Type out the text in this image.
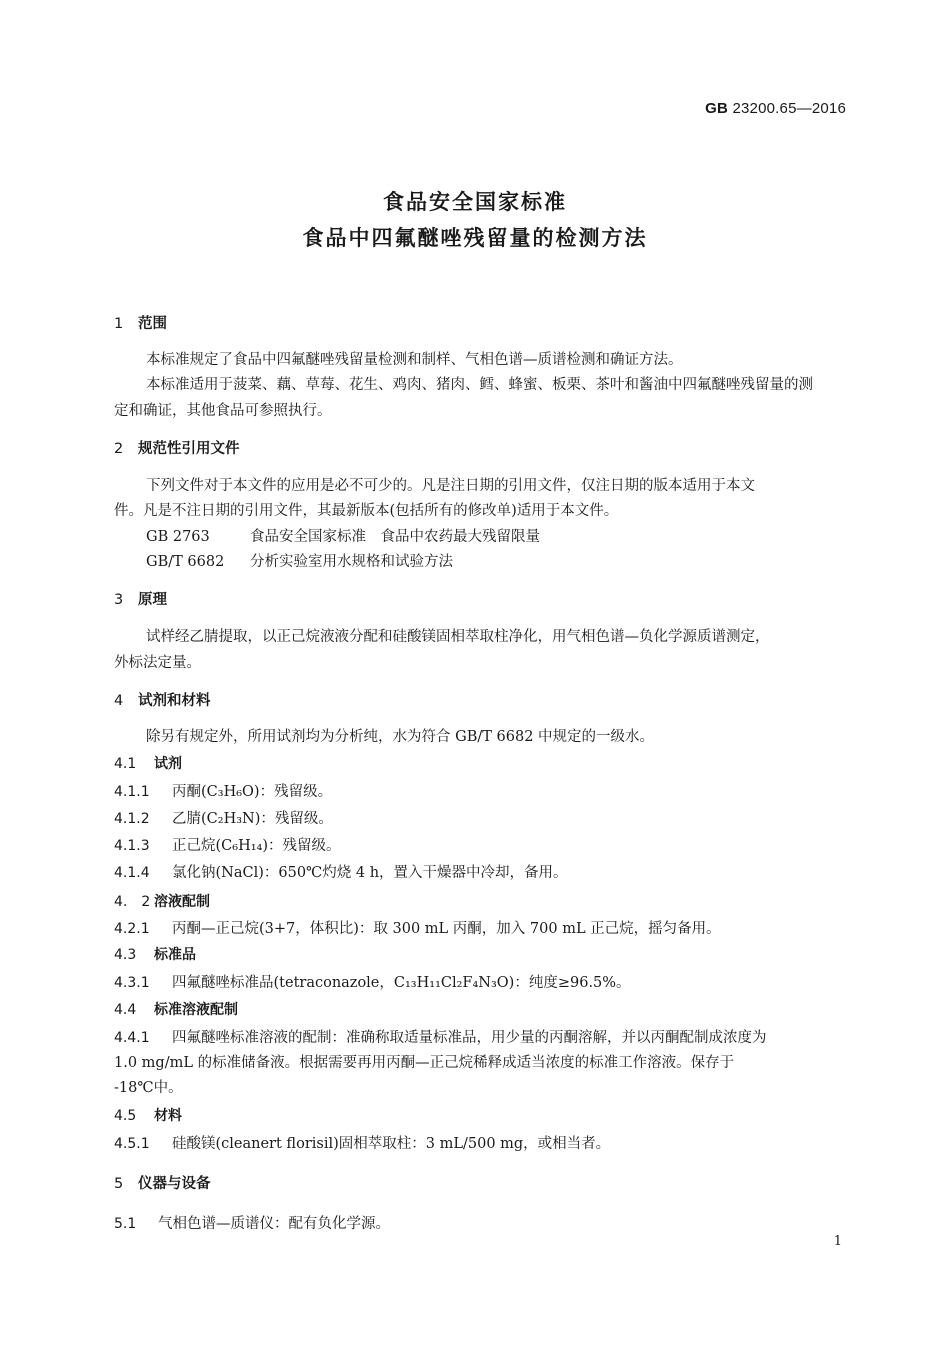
GB 23200.65—2016
食品安全国家标准
食品中四氟醚唑残留量的检测方法
1 范围
本标准规定了食品中四氟醚唑残留量检测和制样、气相色谱—质谱检测和确证方法。
本标准适用于菠菜、藕、草莓、花生、鸡肉、猪肉、鳕、蜂蜜、板栗、茶叶和酱油中四氟醚唑残留量的测
定和确证，其他食品可参照执行。
2 规范性引用文件
下列文件对于本文件的应用是必不可少的。凡是注日期的引用文件，仅注日期的版本适用于本文
件。凡是不注日期的引用文件，其最新版本(包括所有的修改单)适用于本文件。
GB 2763	食品安全国家标准　食品中农药最大残留限量
GB/T 6682 分析实验室用水规格和试验方法
3 原理
试样经乙腈提取，以正己烷液液分配和硅酸镁固相萃取柱净化，用气相色谱—负化学源质谱测定，
外标法定量。
4 试剂和材料
除另有规定外，所用试剂均为分析纯，水为符合 GB/T 6682 中规定的一级水。
4.1 试剂
4.1.1 丙酮(C₃H₆O)：残留级。
4.1.2 乙腈(C₂H₃N)：残留级。
4.1.3 正己烷(C₆H₁₄)：残留级。
4.1.4 氯化钠(NaCl)：650℃灼烧 4 h，置入干燥器中冷却，备用。
4.　2 溶液配制
4.2.1 丙酮—正己烷(3+7，体积比)：取 300 mL 丙酮，加入 700 mL 正己烷，摇匀备用。
4.3 标准品
4.3.1 四氟醚唑标准品(tetraconazole，C₁₃H₁₁Cl₂F₄N₃O)：纯度≥96.5%。
4.4 标准溶液配制
4.4.1 四氟醚唑标准溶液的配制：准确称取适量标准品，用少量的丙酮溶解，并以丙酮配制成浓度为
1.0 mg/mL 的标准储备液。根据需要再用丙酮—正己烷稀释成适当浓度的标准工作溶液。保存于
-18℃中。
4.5 材料
4.5.1 硅酸镁(cleanert florisil)固相萃取柱：3 mL/500 mg，或相当者。
5 仪器与设备
5.1 气相色谱—质谱仪：配有负化学源。
1
